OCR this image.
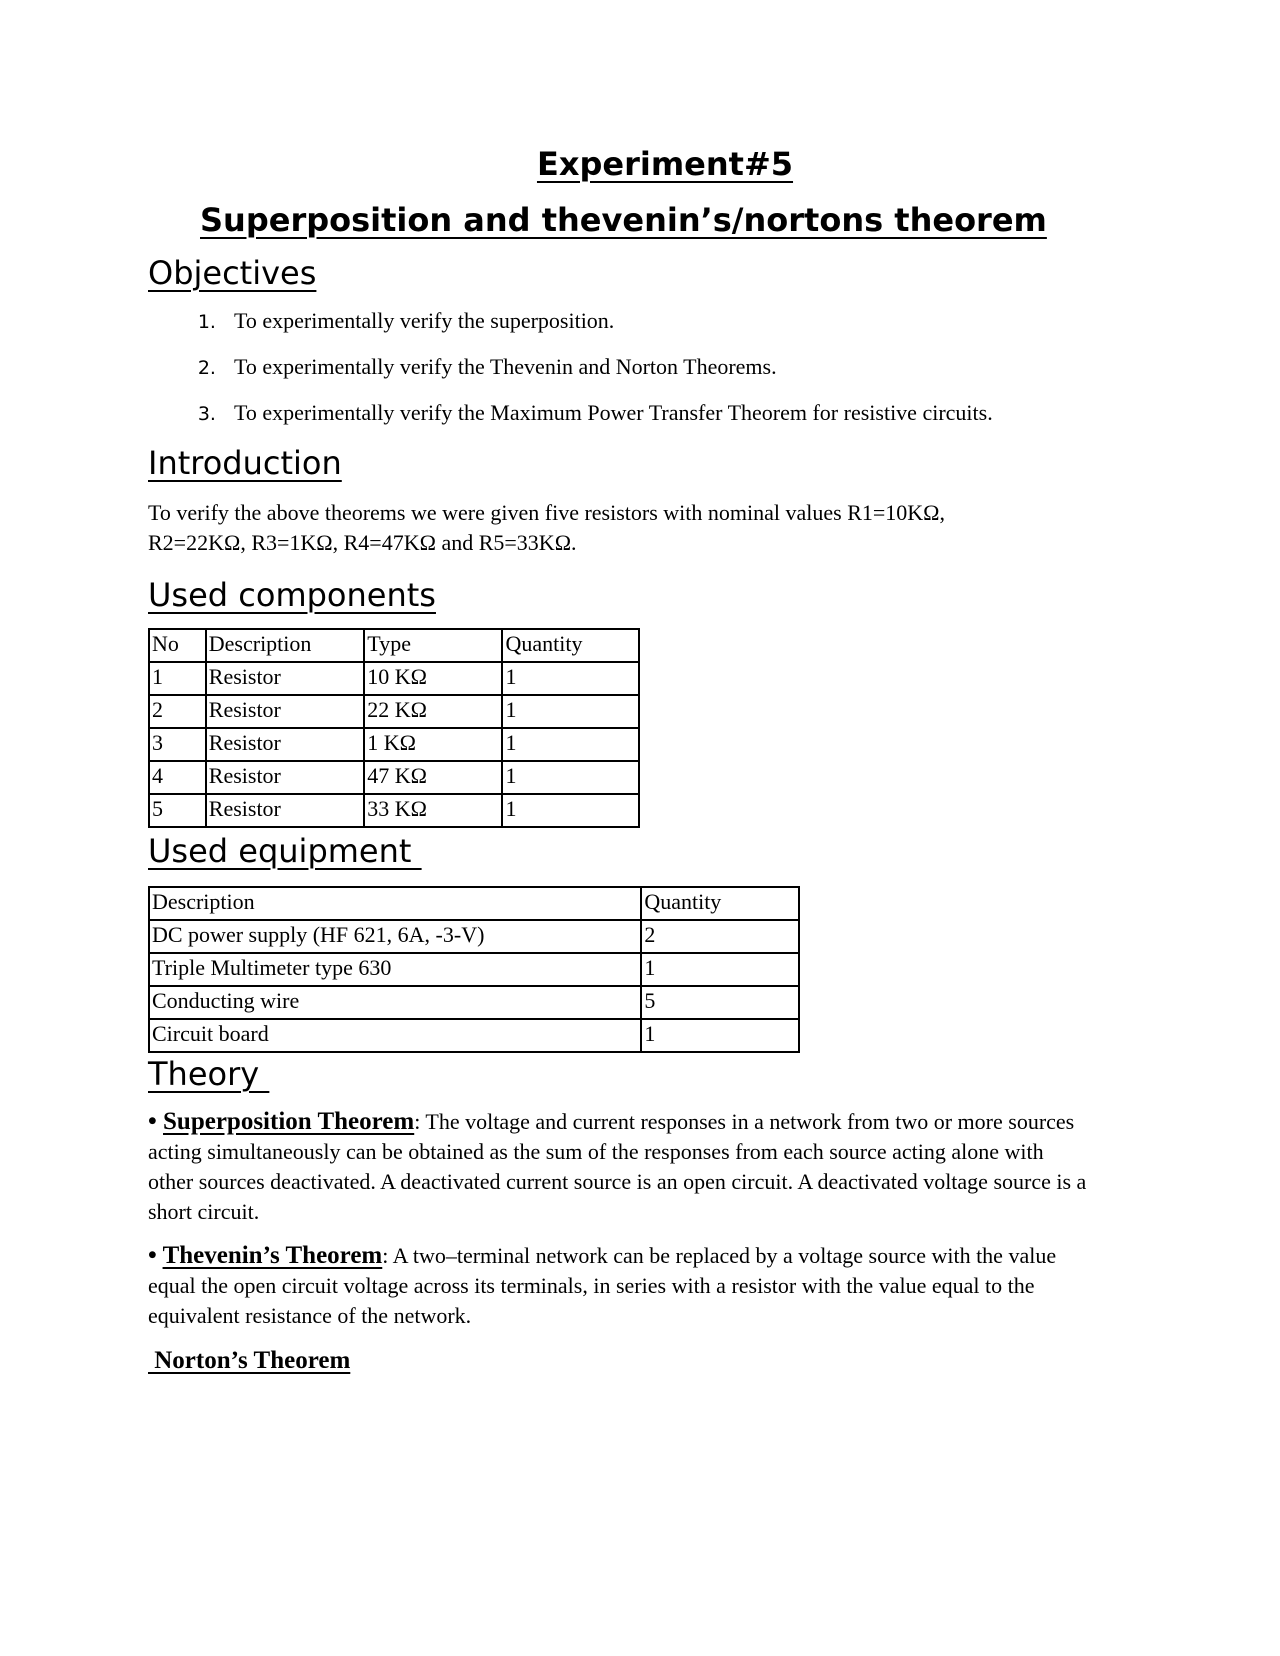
Experiment#5
Superposition and thevenin’s/nortons theorem
Objectives
1. To experimentally verify the superposition.
2. To experimentally verify the Thevenin and Norton Theorems.
3. To experimentally verify the Maximum Power Transfer Theorem for resistive circuits.
Introduction

To verify the above theorems we were given five resistors with nominal values R1=10KΩ, R2=22KΩ, R3=1KΩ, R4=47KΩ and R5=33KΩ.

Used components
No	Description	Type	Quantity
1	Resistor	10 KΩ	1
2	Resistor	22 KΩ	1
3	Resistor	1 KΩ	1
4	Resistor	47 KΩ	1
5	Resistor	33 KΩ	1
Used equipment
Description	Quantity
DC power supply (HF 621, 6A, -3-V)	2
Triple Multimeter type 630	1
Conducting wire	5
Circuit board	1
Theory

• Superposition Theorem: The voltage and current responses in a network from two or more sources acting simultaneously can be obtained as the sum of the responses from each source acting alone with other sources deactivated. A deactivated current source is an open circuit. A deactivated voltage source is a short circuit.

• Thevenin’s Theorem: A two–terminal network can be replaced by a voltage source with the value equal the open circuit voltage across its terminals, in series with a resistor with the value equal to the equivalent resistance of the network.

Norton’s Theorem
